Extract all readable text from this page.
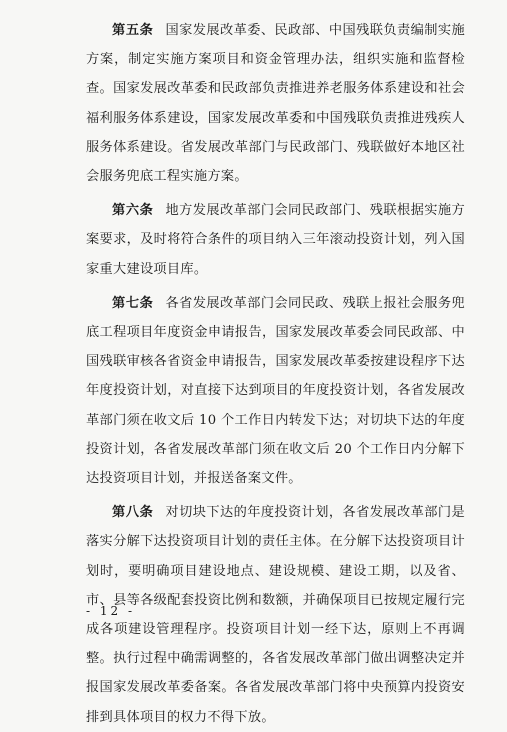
第五条 国家发展改革委、民政部、中国残联负责编制实施方案，制定实施方案项目和资金管理办法，组织实施和监督检查。国家发展改革委和民政部负责推进养老服务体系建设和社会福利服务体系建设，国家发展改革委和中国残联负责推进残疾人服务体系建设。省发展改革部门与民政部门、残联做好本地区社会服务兜底工程实施方案。

第六条 地方发展改革部门会同民政部门、残联根据实施方案要求，及时将符合条件的项目纳入三年滚动投资计划，列入国家重大建设项目库。

第七条 各省发展改革部门会同民政、残联上报社会服务兜底工程项目年度资金申请报告，国家发展改革委会同民政部、中国残联审核各省资金申请报告，国家发展改革委按建设程序下达年度投资计划，对直接下达到项目的年度投资计划，各省发展改革部门须在收文后 10 个工作日内转发下达；对切块下达的年度投资计划，各省发展改革部门须在收文后 20 个工作日内分解下达投资项目计划，并报送备案文件。

第八条 对切块下达的年度投资计划，各省发展改革部门是落实分解下达投资项目计划的责任主体。在分解下达投资项目计划时，要明确项目建设地点、建设规模、建设工期，以及省、市、县等各级配套投资比例和数额，并确保项目已按规定履行完成各项建设管理程序。投资项目计划一经下达，原则上不再调整。执行过程中确需调整的，各省发展改革部门做出调整决定并报国家发展改革委备案。各省发展改革部门将中央预算内投资安排到具体项目的权力不得下放。

- 12 -
